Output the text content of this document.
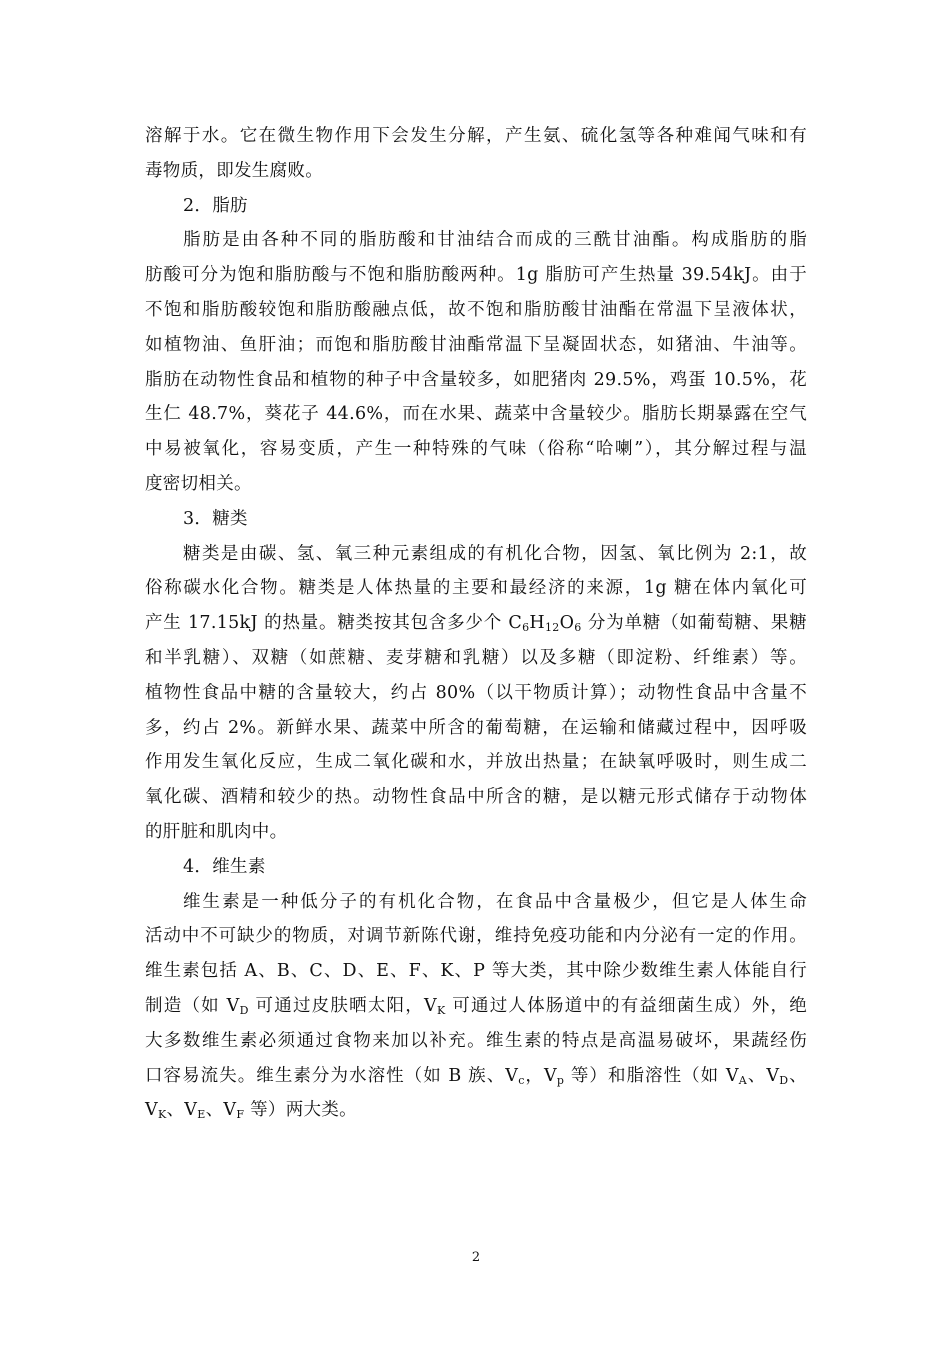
溶解于水。它在微生物作用下会发生分解，产生氨、硫化氢等各种难闻气味和有
毒物质，即发生腐败。
2．脂肪
脂肪是由各种不同的脂肪酸和甘油结合而成的三酰甘油酯。构成脂肪的脂
肪酸可分为饱和脂肪酸与不饱和脂肪酸两种。1g 脂肪可产生热量 39.54kJ。由于
不饱和脂肪酸较饱和脂肪酸融点低，故不饱和脂肪酸甘油酯在常温下呈液体状，
如植物油、鱼肝油；而饱和脂肪酸甘油酯常温下呈凝固状态，如猪油、牛油等。
脂肪在动物性食品和植物的种子中含量较多，如肥猪肉 29.5%，鸡蛋 10.5%，花
生仁 48.7%，葵花子 44.6%，而在水果、蔬菜中含量较少。脂肪长期暴露在空气
中易被氧化，容易变质，产生一种特殊的气味（俗称“哈喇”），其分解过程与温
度密切相关。
3．糖类
糖类是由碳、氢、氧三种元素组成的有机化合物，因氢、氧比例为 2:1，故
俗称碳水化合物。糖类是人体热量的主要和最经济的来源，1g 糖在体内氧化可
产生 17.15kJ 的热量。糖类按其包含多少个 $C_6H_{12}O_6$ 分为单糖（如葡萄糖、果糖
和半乳糖）、双糖（如蔗糖、麦芽糖和乳糖）以及多糖（即淀粉、纤维素）等。
植物性食品中糖的含量较大，约占 80%（以干物质计算）；动物性食品中含量不
多，约占 2%。新鲜水果、蔬菜中所含的葡萄糖，在运输和储藏过程中，因呼吸
作用发生氧化反应，生成二氧化碳和水，并放出热量；在缺氧呼吸时，则生成二
氧化碳、酒精和较少的热。动物性食品中所含的糖，是以糖元形式储存于动物体
的肝脏和肌肉中。
4．维生素
维生素是一种低分子的有机化合物，在食品中含量极少，但它是人体生命
活动中不可缺少的物质，对调节新陈代谢，维持免疫功能和内分泌有一定的作用。
维生素包括 A、B、C、D、E、F、K、P 等大类，其中除少数维生素人体能自行
制造（如 $V_D$ 可通过皮肤晒太阳，$V_K$ 可通过人体肠道中的有益细菌生成）外，绝
大多数维生素必须通过食物来加以补充。维生素的特点是高温易破坏，果蔬经伤
口容易流失。维生素分为水溶性（如 B 族、$V_c$，$V_p$ 等）和脂溶性（如 $V_A$、$V_D$、
$V_K$、$V_E$、$V_F$ 等）两大类。
2
